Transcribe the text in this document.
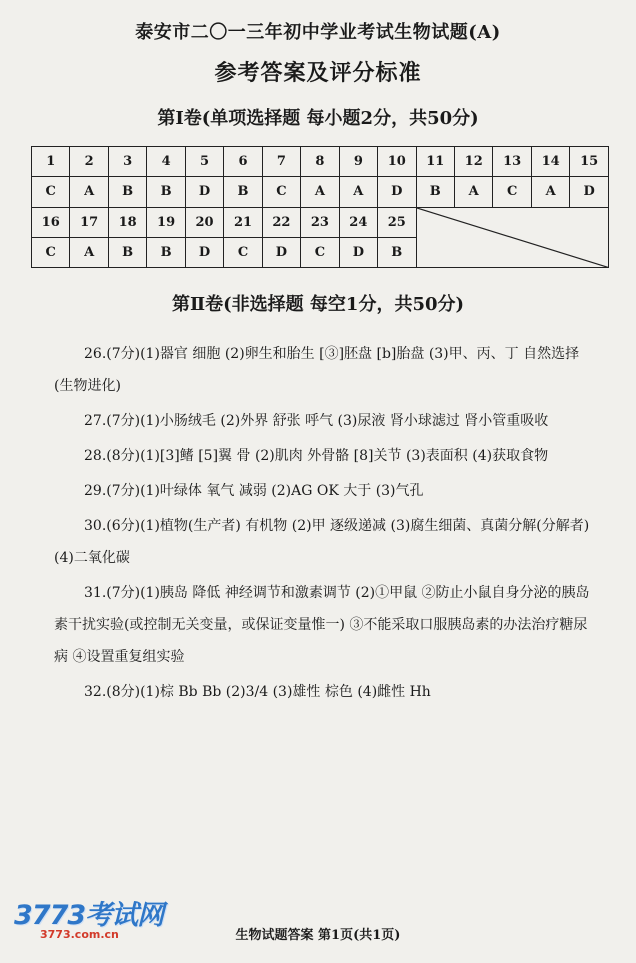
泰安市二〇一三年初中学业考试生物试题(A)
参考答案及评分标准
第Ⅰ卷(单项选择题 每小题2分，共50分)
1	2	3	4	5	6	7	8	9	10	11	12	13	14	15
C	A	B	B	D	B	C	A	A	D	B	A	C	A	D
16	17	18	19	20	21	22	23	24	25	

C	A	B	B	D	C	D	C	D	B					
第Ⅱ卷(非选择题 每空1分，共50分)

26.(7分)(1)器官 细胞 (2)卵生和胎生 [③]胚盘 [b]胎盘 (3)甲、丙、丁 自然选择(生物进化)

27.(7分)(1)小肠绒毛 (2)外界 舒张 呼气 (3)尿液 肾小球滤过 肾小管重吸收

28.(8分)(1)[3]鳍 [5]翼 骨 (2)肌肉 外骨骼 [8]关节 (3)表面积 (4)获取食物

29.(7分)(1)叶绿体 氧气 减弱 (2)AG OK 大于 (3)气孔

30.(6分)(1)植物(生产者) 有机物 (2)甲 逐级递减 (3)腐生细菌、真菌分解(分解者) (4)二氧化碳

31.(7分)(1)胰岛 降低 神经调节和激素调节 (2)①甲鼠 ②防止小鼠自身分泌的胰岛素干扰实验(或控制无关变量，或保证变量惟一) ③不能采取口服胰岛素的办法治疗糖尿病 ④设置重复组实验

32.(8分)(1)棕 Bb Bb (2)3/4 (3)雄性 棕色 (4)雌性 Hh

3773考试网
3773.com.cn	生物试题答案 第1页(共1页)
